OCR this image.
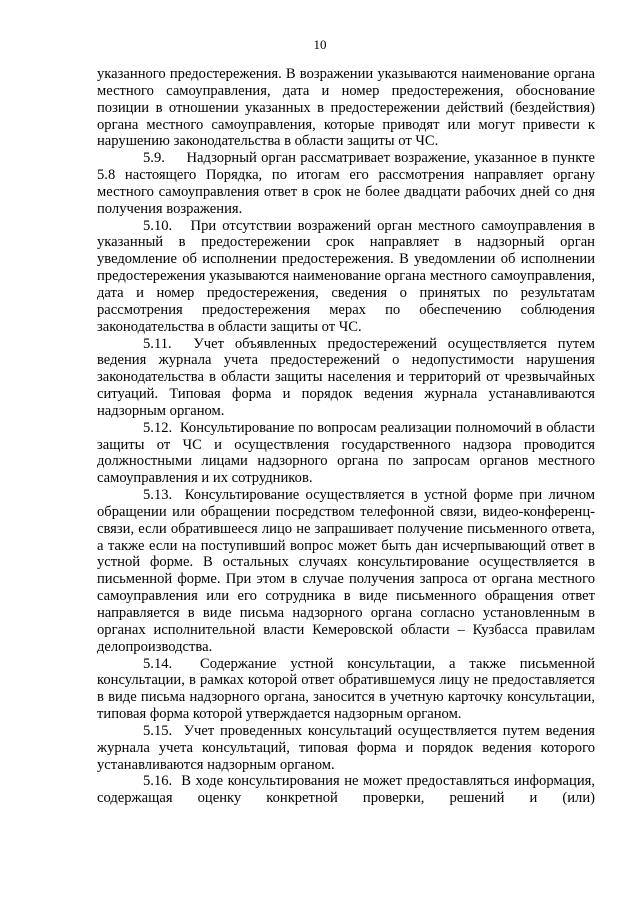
10

указанного предостережения. В возражении указываются наименование органа местного самоуправления, дата и номер предостережения, обоснование позиции в отношении указанных в предостережении действий (бездействия) органа местного самоуправления, которые приводят или могут привести к нарушению законодательства в области защиты от ЧС.

5.9.     Надзорный орган рассматривает возражение, указанное в пункте 5.8 настоящего Порядка, по итогам его рассмотрения направляет органу местного самоуправления ответ в срок не более двадцати рабочих дней со дня получения возражения.

5.10.   При отсутствии возражений орган местного самоуправления в указанный в предостережении срок направляет в надзорный орган уведомление об исполнении предостережения. В уведомлении об исполнении предостережения указываются наименование органа местного самоуправления, дата и номер предостережения, сведения о принятых по результатам рассмотрения предостережения мерах по обеспечению соблюдения законодательства в области защиты от ЧС.

5.11.  Учет объявленных предостережений осуществляется путем ведения журнала учета предостережений о недопустимости нарушения законодательства в области защиты населения и территорий от чрезвычайных ситуаций. Типовая форма и порядок ведения журнала устанавливаются надзорным органом.

5.12.  Консультирование по вопросам реализации полномочий в области защиты от ЧС и осуществления государственного надзора проводится должностными лицами надзорного органа по запросам органов местного самоуправления и их сотрудников.

5.13.  Консультирование осуществляется в устной форме при личном обращении или обращении посредством телефонной связи, видео-конференц-связи, если обратившееся лицо не запрашивает получение письменного ответа, а также если на поступивший вопрос может быть дан исчерпывающий ответ в устной форме. В остальных случаях консультирование осуществляется в письменной форме. При этом в случае получения запроса от органа местного самоуправления или его сотрудника в виде письменного обращения ответ направляется в виде письма надзорного органа согласно установленным в органах исполнительной власти Кемеровской области – Кузбасса правилам делопроизводства.

5.14.  Содержание устной консультации, а также письменной консультации, в рамках которой ответ обратившемуся лицу не предоставляется в виде письма надзорного органа, заносится в учетную карточку консультации, типовая форма которой утверждается надзорным органом.

5.15.  Учет проведенных консультаций осуществляется путем ведения журнала учета консультаций, типовая форма и порядок ведения которого устанавливаются надзорным органом.

5.16.  В ходе консультирования не может предоставляться информация, содержащая оценку конкретной проверки, решений и (или)
